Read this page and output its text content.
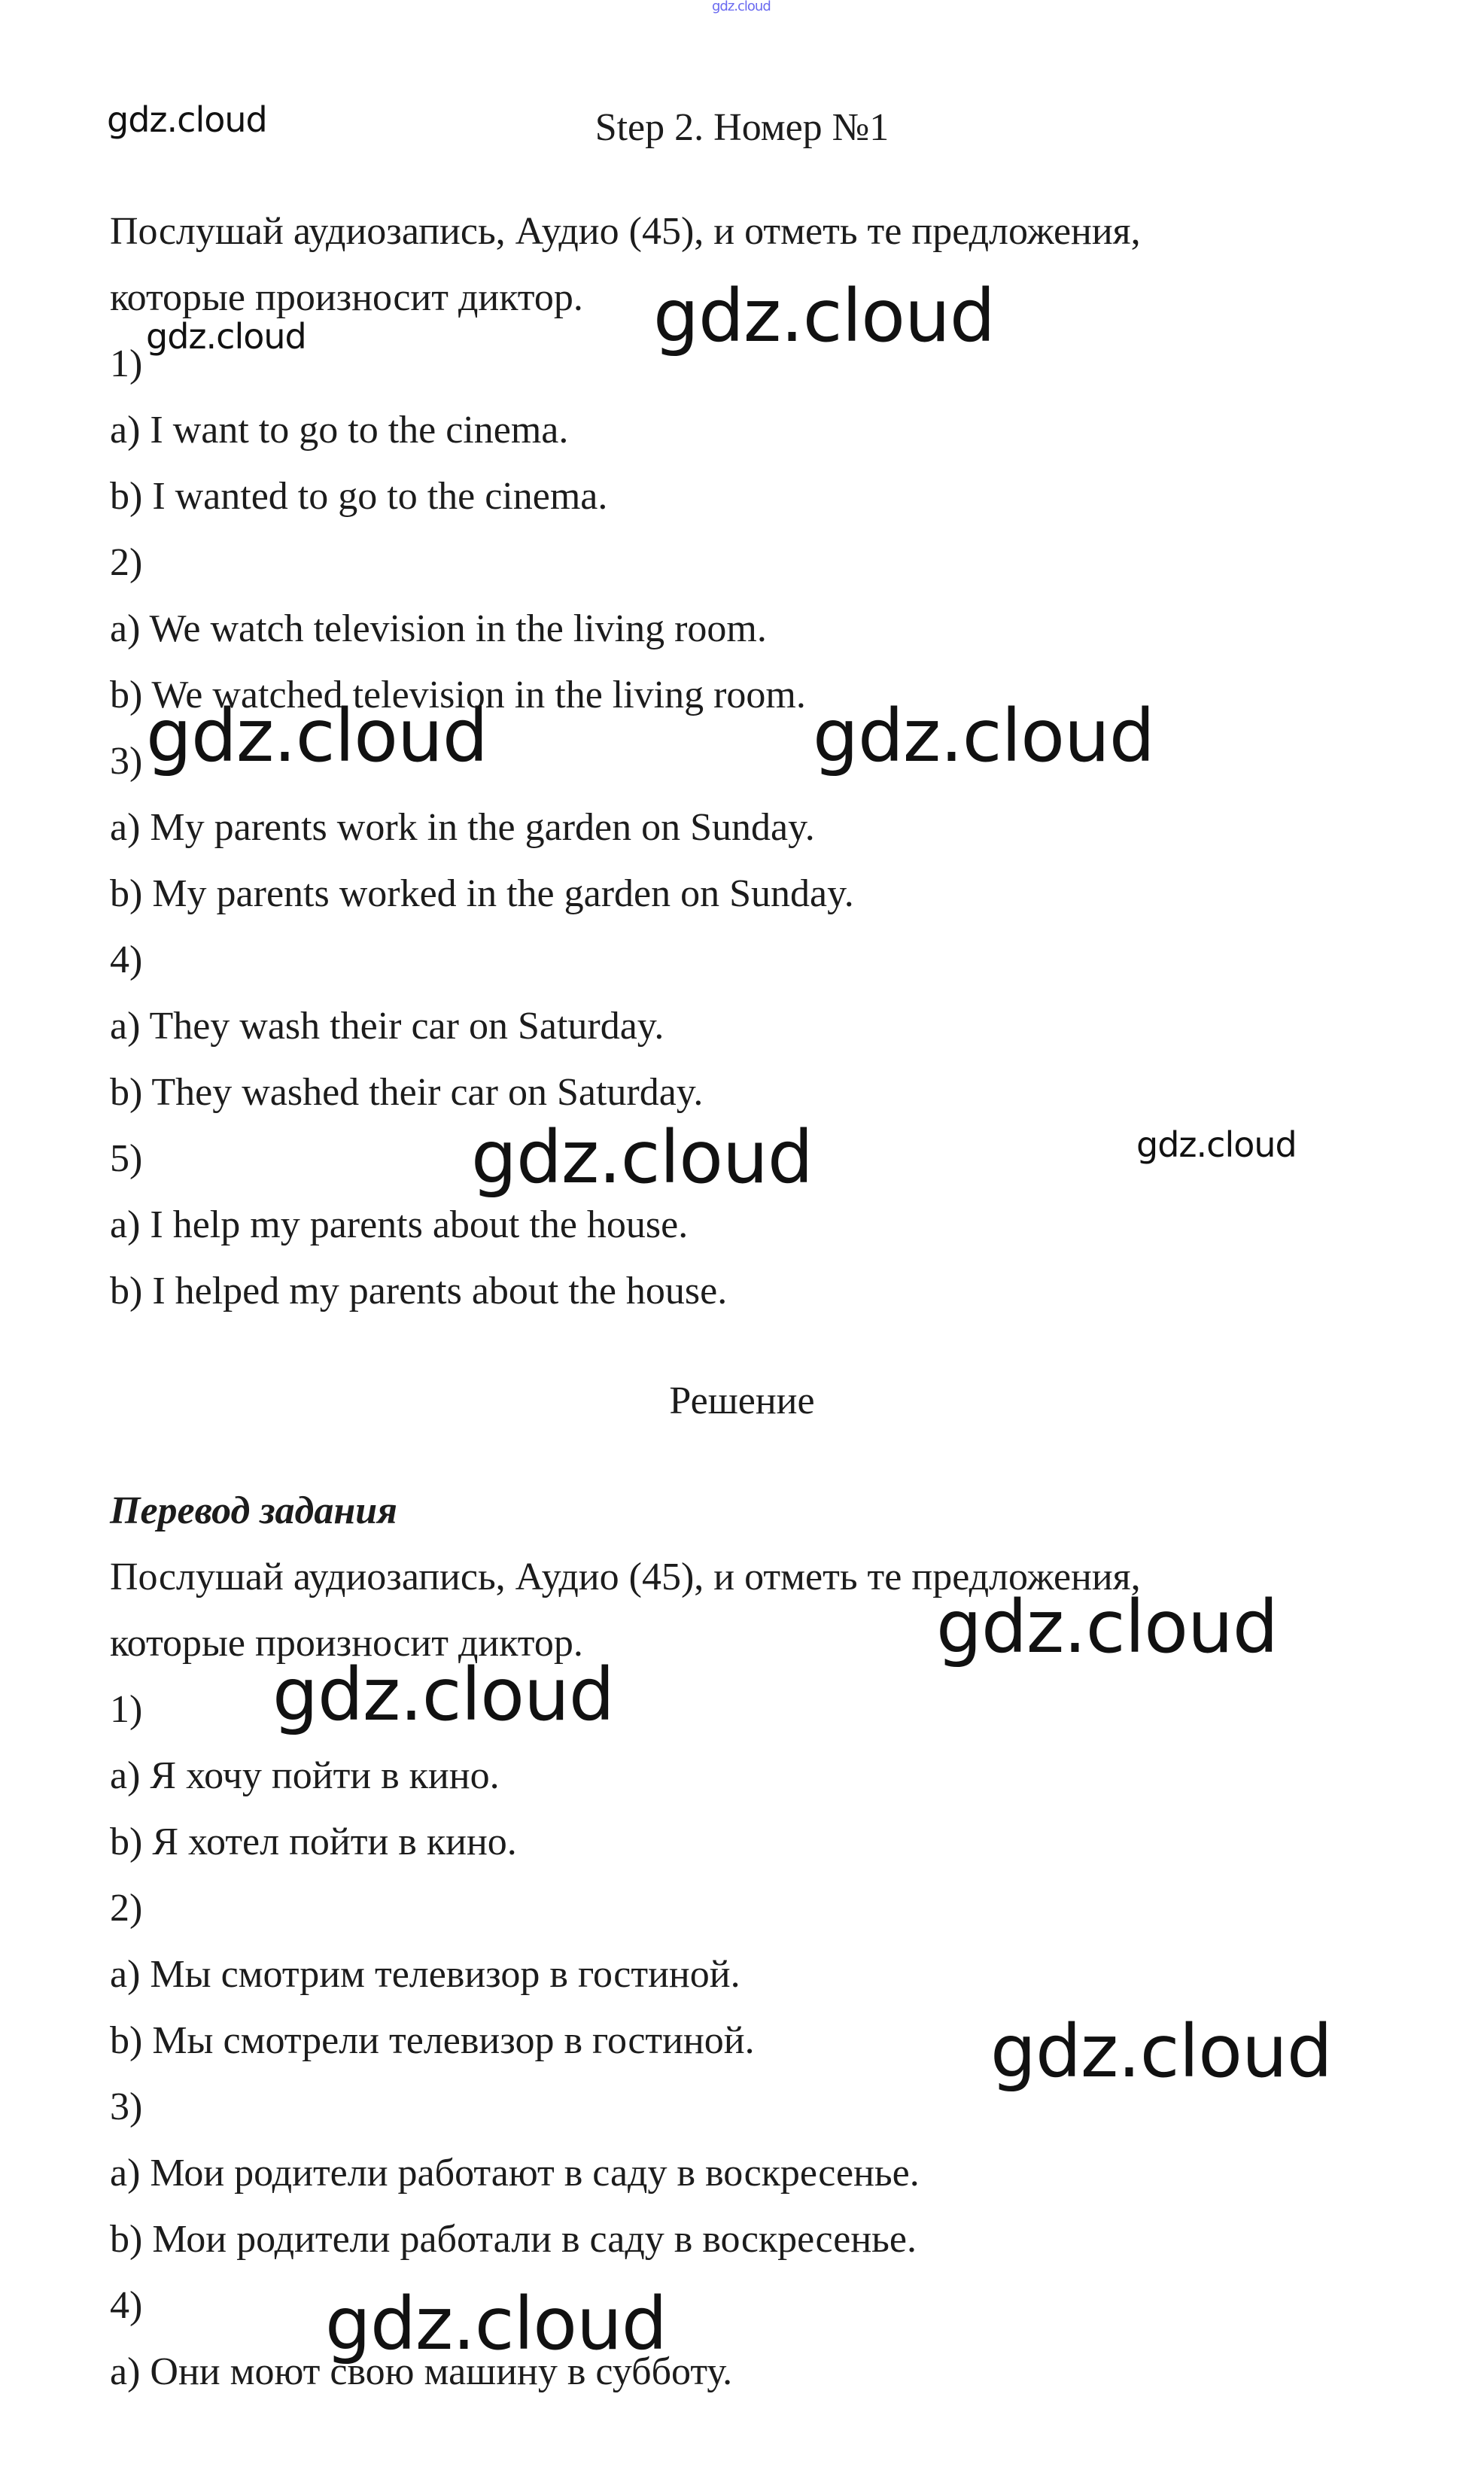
gdz.cloud
gdz.cloud
gdz.cloud
gdz.cloud
gdz.cloud	gdz.cloud
gdz.cloud	gdz.cloud
gdz.cloud
gdz.cloud
gdz.cloud
gdz.cloud
Step 2. Номер №1
Послушай аудиозапись, Аудио (45), и отметь те предложения,
которые произносит диктор.
1)
a) I want to go to the cinema.
b) I wanted to go to the cinema.
2)
a) We watch television in the living room.
b) We watched television in the living room.
3)
a) My parents work in the garden on Sunday.
b) My parents worked in the garden on Sunday.
4)
a) They wash their car on Saturday.
b) They washed their car on Saturday.
5)
a) I help my parents about the house.
b) I helped my parents about the house.
Решение
Перевод задания
Послушай аудиозапись, Аудио (45), и отметь те предложения,
которые произносит диктор.
1)
a) Я хочу пойти в кино.
b) Я хотел пойти в кино.
2)
a) Мы смотрим телевизор в гостиной.
b) Мы смотрели телевизор в гостиной.
3)
a) Мои родители работают в саду в воскресенье.
b) Мои родители работали в саду в воскресенье.
4)
a) Они моют свою машину в субботу.
